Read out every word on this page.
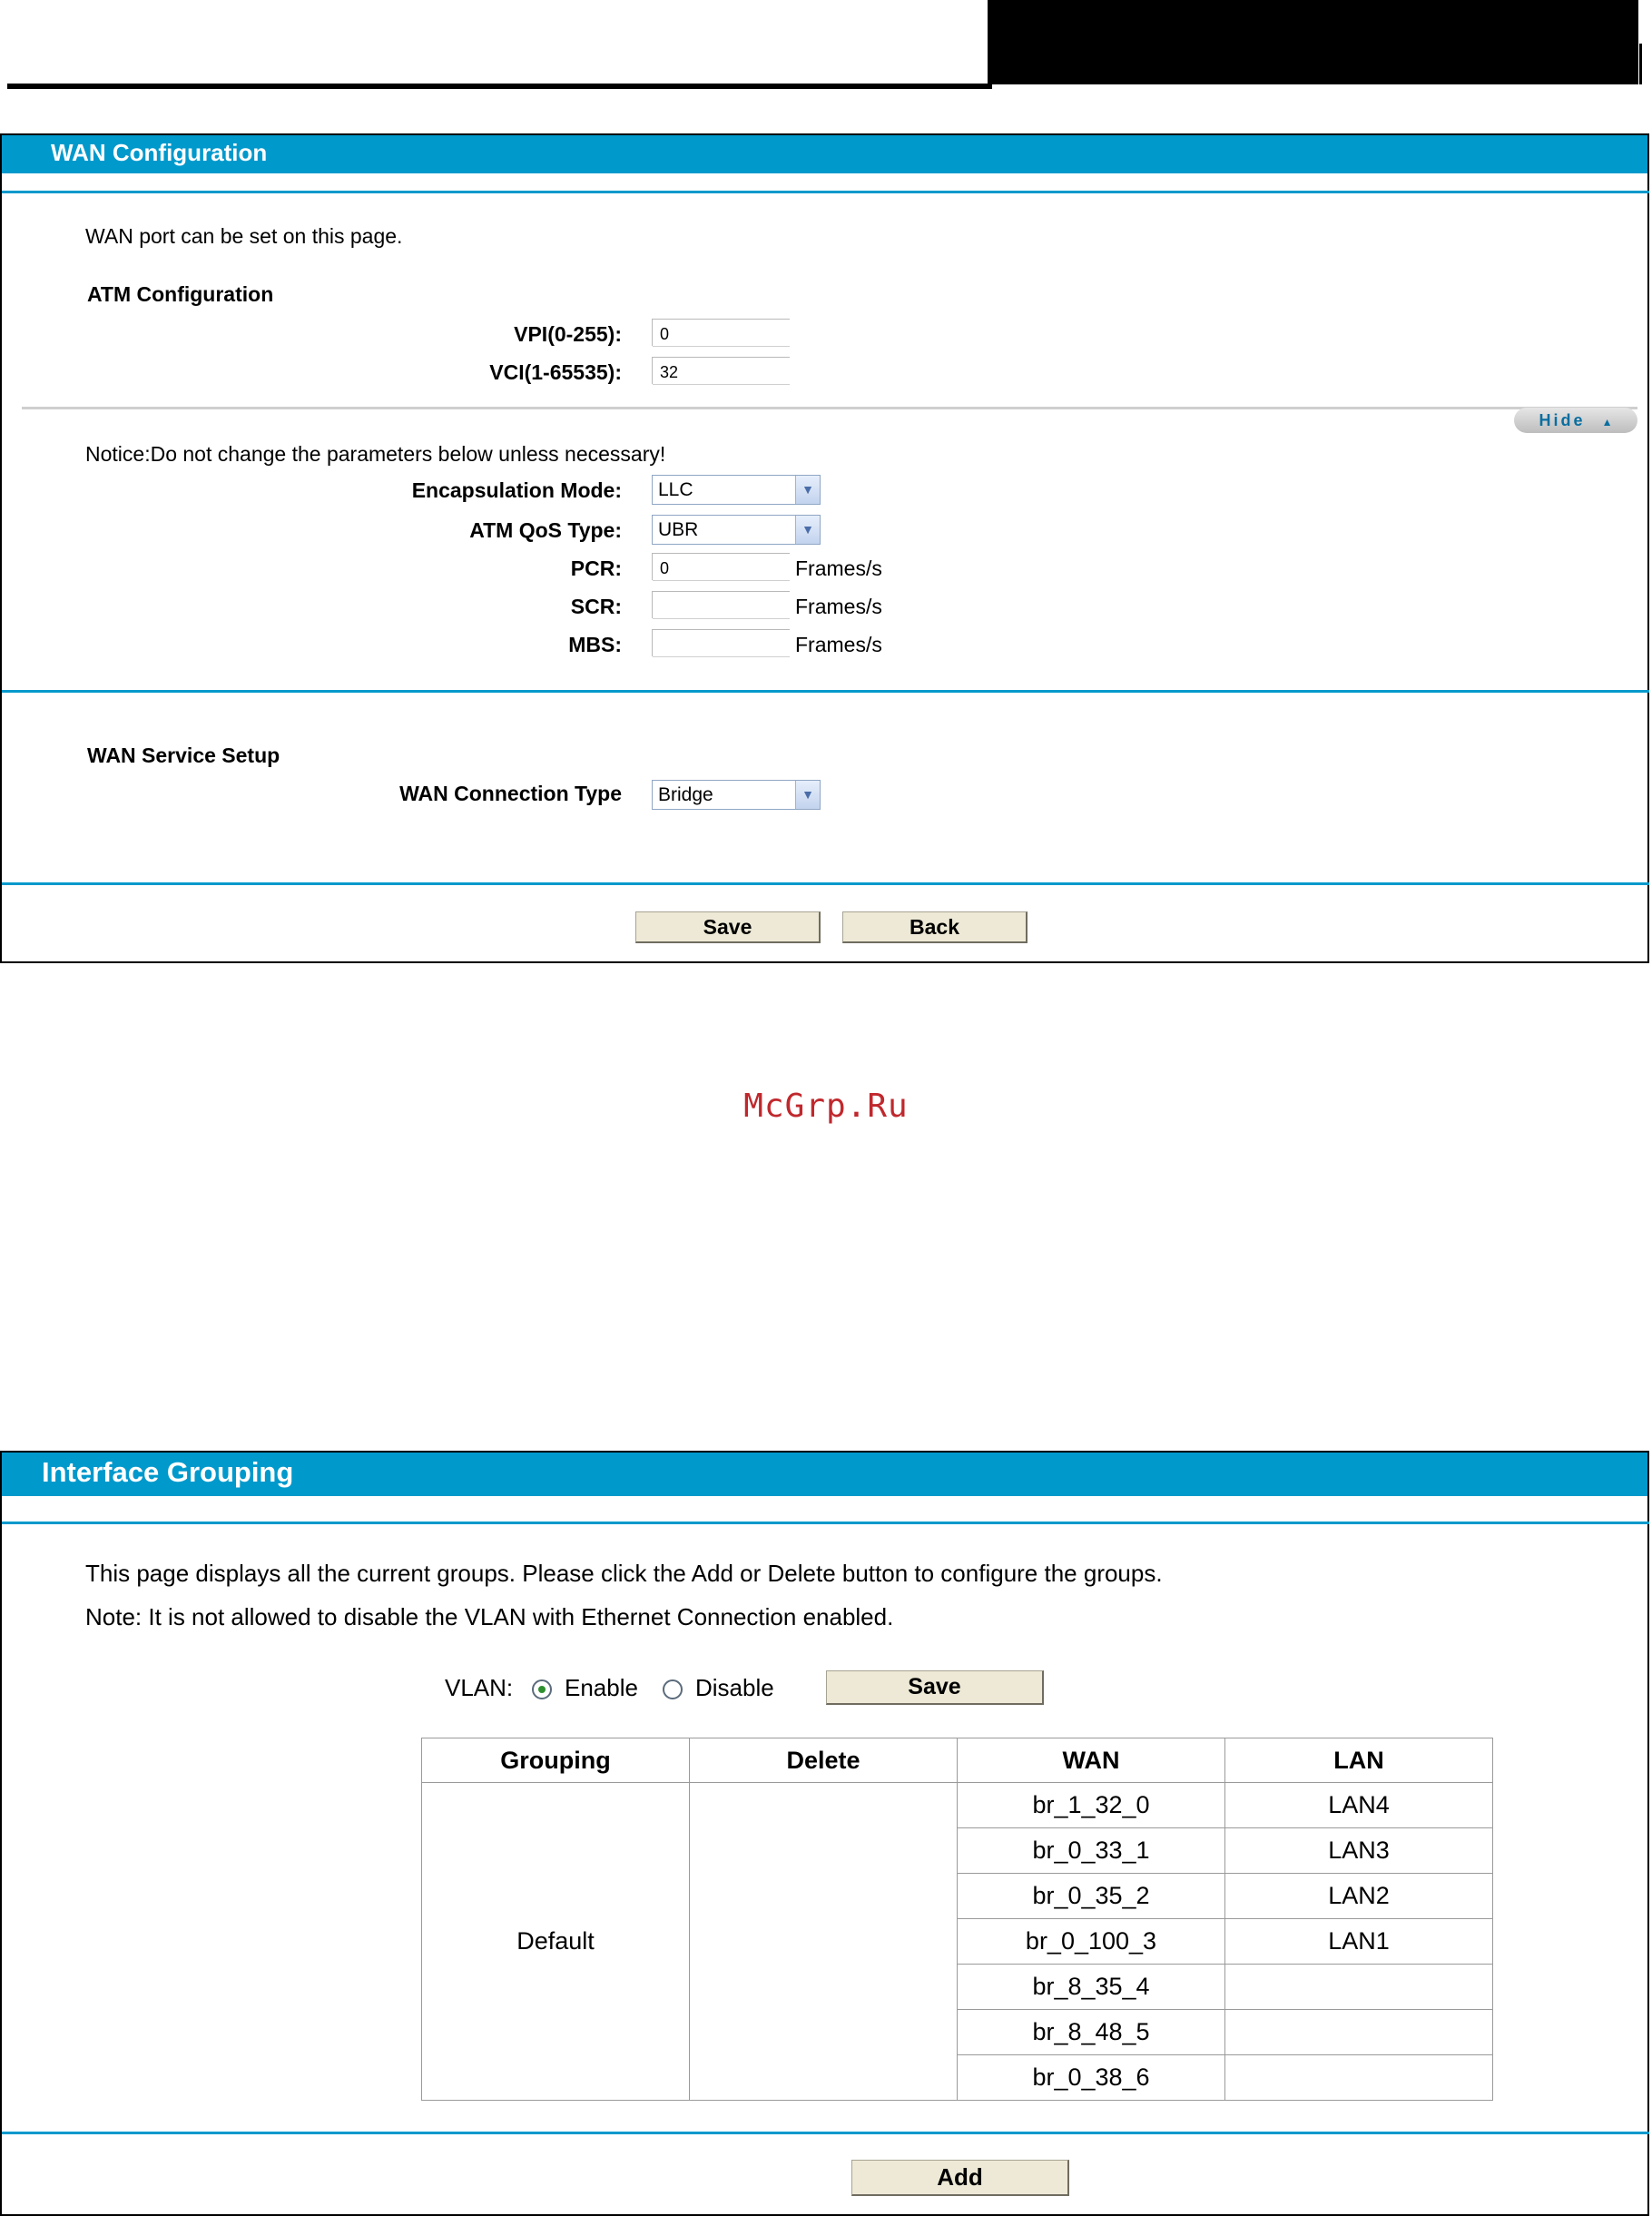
WAN Configuration
WAN port can be set on this page.
ATM Configuration
VPI(0-255):	0
VCI(1-65535):	32
Hide ▲
Notice:Do not change the parameters below unless necessary!
Encapsulation Mode:	LLC	▼
ATM QoS Type:	UBR	▼
PCR:	0	Frames/s
SCR:	Frames/s
MBS:	Frames/s
WAN Service Setup
WAN Connection Type	Bridge	▼
Save	Back
McGrp.Ru
Interface Grouping
This page displays all the current groups. Please click the Add or Delete button to configure the groups.
Note: It is not allowed to disable the VLAN with Ethernet Connection enabled.
VLAN: Enable Disable	Save
Add
Grouping	Delete	WAN	LAN
Default		br_1_32_0	LAN4
		br_0_33_1	LAN3
		br_0_35_2	LAN2
		br_0_100_3	LAN1
		br_8_35_4	
		br_8_48_5	
		br_0_38_6	
